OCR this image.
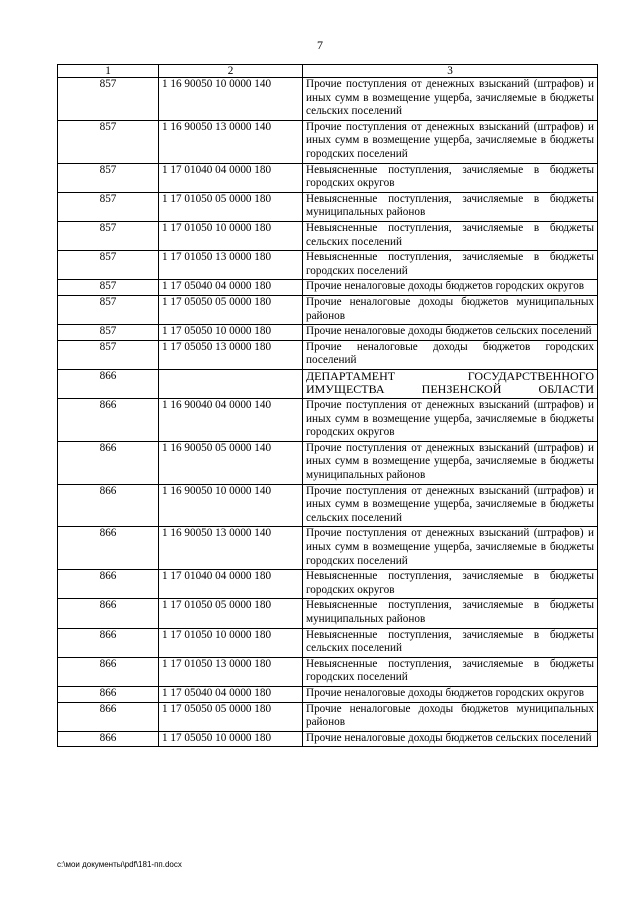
7
1	2	3
857	1 16 90050 10 0000 140	Прочие поступления от денежных взысканий (штрафов) и иных сумм в возмещение ущерба, зачисляемые в бюджеты сельских поселений
857	1 16 90050 13 0000 140	Прочие поступления от денежных взысканий (штрафов) и иных сумм в возмещение ущерба, зачисляемые в бюджеты городских поселений
857	1 17 01040 04 0000 180	Невыясненные поступления, зачисляемые в бюджеты городских округов
857	1 17 01050 05 0000 180	Невыясненные поступления, зачисляемые в бюджеты муниципальных районов
857	1 17 01050 10 0000 180	Невыясненные поступления, зачисляемые в бюджеты сельских поселений
857	1 17 01050 13 0000 180	Невыясненные поступления, зачисляемые в бюджеты городских поселений
857	1 17 05040 04 0000 180	Прочие неналоговые доходы бюджетов городских округов
857	1 17 05050 05 0000 180	Прочие неналоговые доходы бюджетов муниципальных районов
857	1 17 05050 10 0000 180	Прочие неналоговые доходы бюджетов сельских поселений
857	1 17 05050 13 0000 180	Прочие неналоговые доходы бюджетов городских поселений
866		ДЕПАРТАМЕНТ ГОСУДАРСТВЕННОГО ИМУЩЕСТВА ПЕНЗЕНСКОЙ ОБЛАСТИ
866	1 16 90040 04 0000 140	Прочие поступления от денежных взысканий (штрафов) и иных сумм в возмещение ущерба, зачисляемые в бюджеты городских округов
866	1 16 90050 05 0000 140	Прочие поступления от денежных взысканий (штрафов) и иных сумм в возмещение ущерба, зачисляемые в бюджеты муниципальных районов
866	1 16 90050 10 0000 140	Прочие поступления от денежных взысканий (штрафов) и иных сумм в возмещение ущерба, зачисляемые в бюджеты сельских поселений
866	1 16 90050 13 0000 140	Прочие поступления от денежных взысканий (штрафов) и иных сумм в возмещение ущерба, зачисляемые в бюджеты городских поселений
866	1 17 01040 04 0000 180	Невыясненные поступления, зачисляемые в бюджеты городских округов
866	1 17 01050 05 0000 180	Невыясненные поступления, зачисляемые в бюджеты муниципальных районов
866	1 17 01050 10 0000 180	Невыясненные поступления, зачисляемые в бюджеты сельских поселений
866	1 17 01050 13 0000 180	Невыясненные поступления, зачисляемые в бюджеты городских поселений
866	1 17 05040 04 0000 180	Прочие неналоговые доходы бюджетов городских округов
866	1 17 05050 05 0000 180	Прочие неналоговые доходы бюджетов муниципальных районов
866	1 17 05050 10 0000 180	Прочие неналоговые доходы бюджетов сельских поселений
c:\мои документы\pdf\181-пп.docx
